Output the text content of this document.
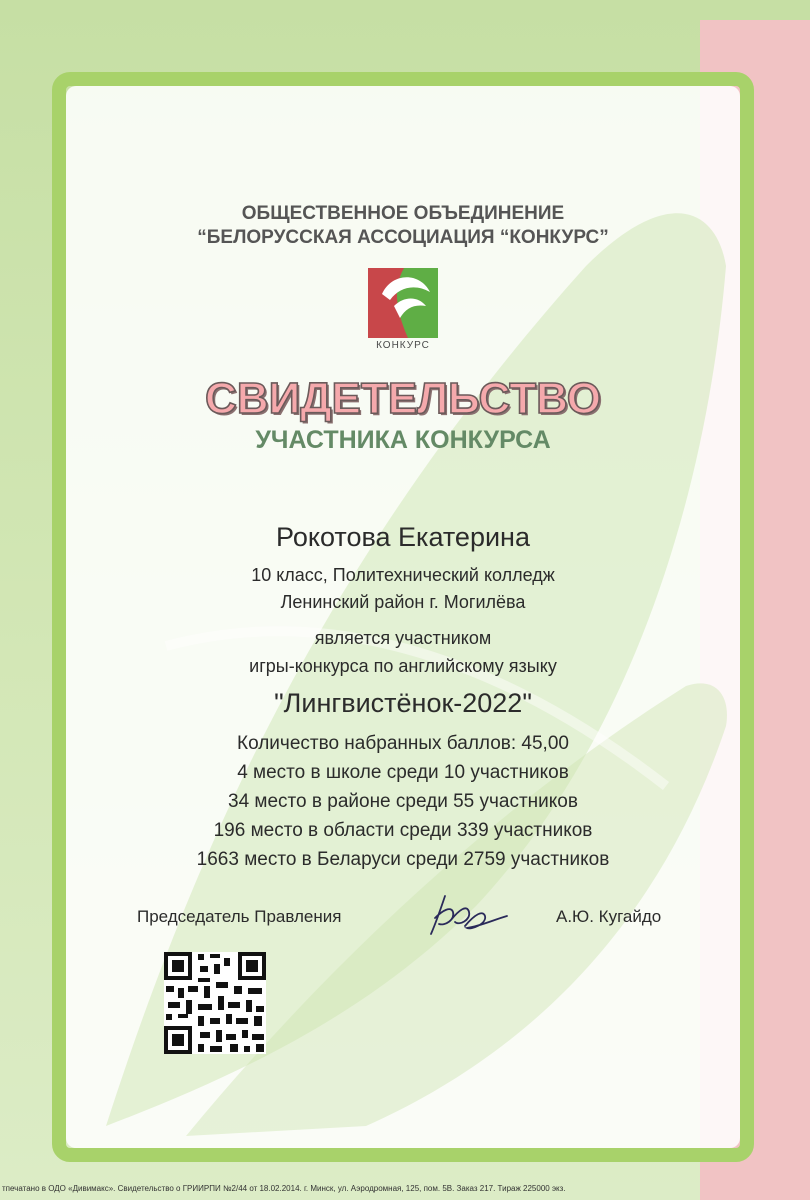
ОБЩЕСТВЕННОЕ ОБЪЕДИНЕНИЕ
“БЕЛОРУССКАЯ АССОЦИАЦИЯ “КОНКУРС”
КОНКУРС
СВИДЕТЕЛЬСТВО
УЧАСТНИКА КОНКУРСА
Рокотова Екатерина
10 класс, Политехнический колледж
Ленинский район г. Могилёва
является участником
игры-конкурса по английскому языку
"Лингвистёнок-2022"
Количество набранных баллов: 45,00
4 место в школе среди 10 участников
34 место в районе среди 55 участников
196 место в области среди 339 участников
1663 место в Беларуси среди 2759 участников
Председатель Правления	А.Ю. Кугайдо
тпечатано в ОДО «Дивимакс». Свидетельство о ГРИИРПИ №2/44 от 18.02.2014. г. Минск, ул. Аэродромная, 125, пом. 5В. Заказ 217. Тираж 225000 экз.
